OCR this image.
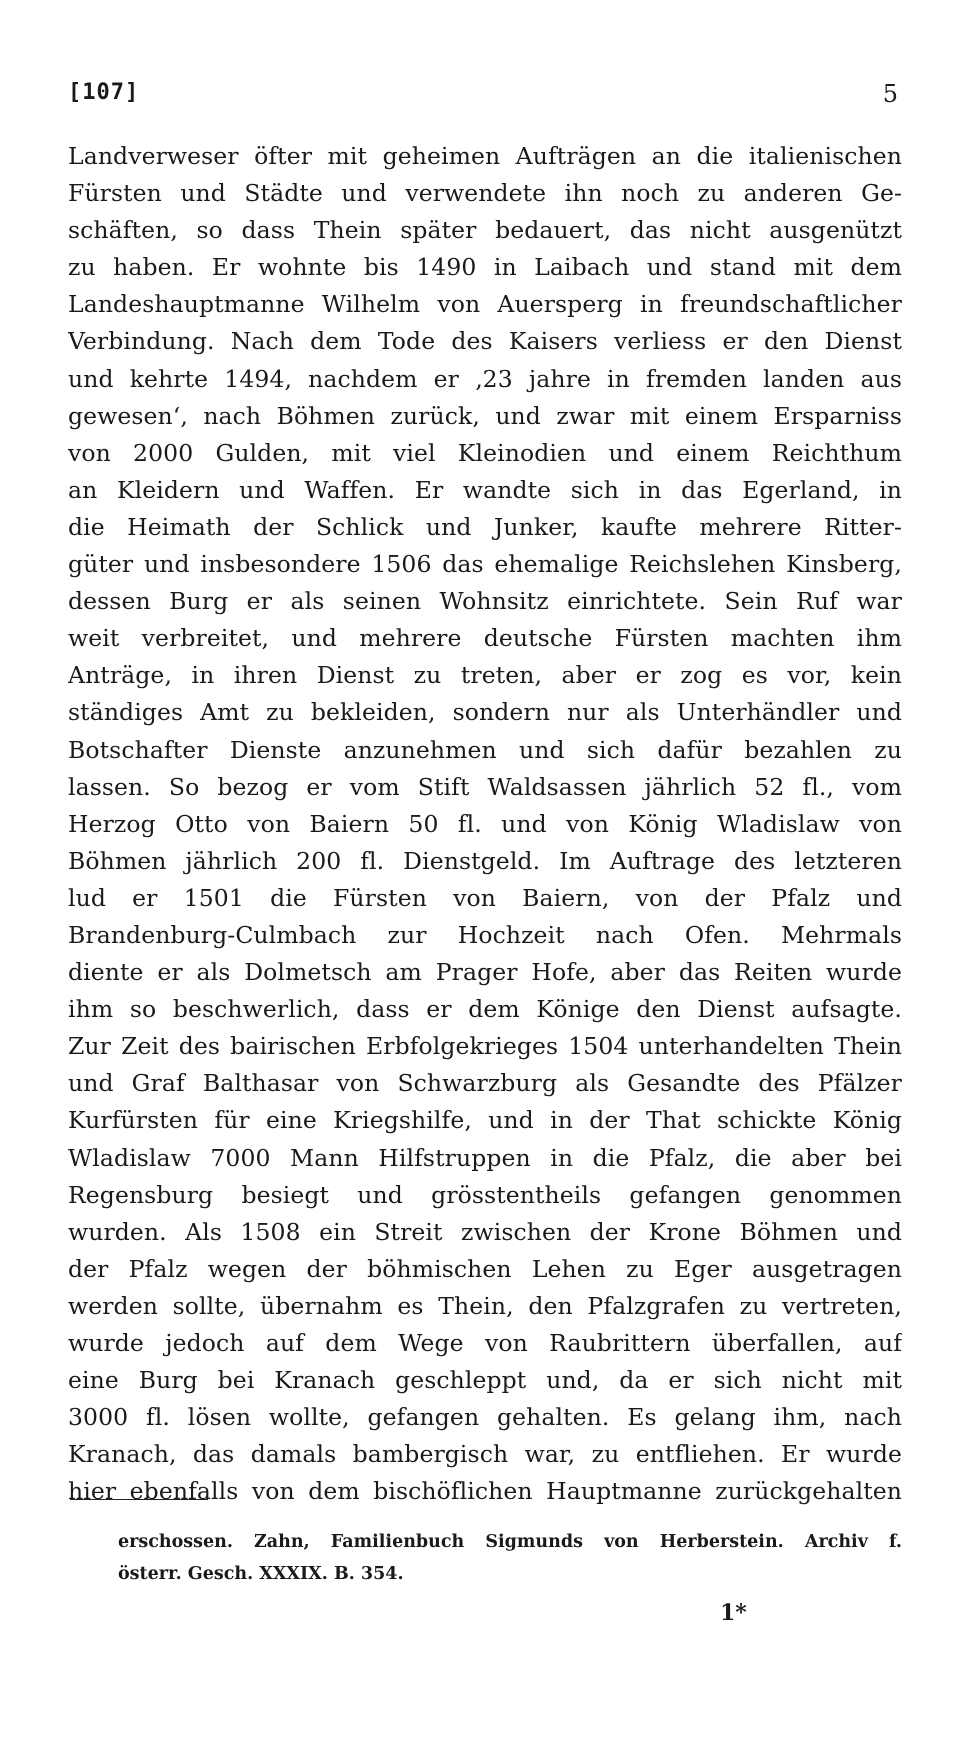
[107]	5
Landverweser öfter mit geheimen Aufträgen an die italienischen
Fürsten und Städte und verwendete ihn noch zu anderen Ge-
schäften, so dass Thein später bedauert, das nicht ausgenützt
zu haben. Er wohnte bis 1490 in Laibach und stand mit dem
Landeshauptmanne Wilhelm von Auersperg in freundschaftlicher
Verbindung. Nach dem Tode des Kaisers verliess er den Dienst
und kehrte 1494, nachdem er ‚23 jahre in fremden landen aus
gewesen‘, nach Böhmen zurück, und zwar mit einem Ersparniss
von 2000 Gulden, mit viel Kleinodien und einem Reichthum
an Kleidern und Waffen. Er wandte sich in das Egerland, in
die Heimath der Schlick und Junker, kaufte mehrere Ritter-
güter und insbesondere 1506 das ehemalige Reichslehen Kinsberg,
dessen Burg er als seinen Wohnsitz einrichtete. Sein Ruf war
weit verbreitet, und mehrere deutsche Fürsten machten ihm
Anträge, in ihren Dienst zu treten, aber er zog es vor, kein
ständiges Amt zu bekleiden, sondern nur als Unterhändler und
Botschafter Dienste anzunehmen und sich dafür bezahlen zu
lassen. So bezog er vom Stift Waldsassen jährlich 52 fl., vom
Herzog Otto von Baiern 50 fl. und von König Wladislaw von
Böhmen jährlich 200 fl. Dienstgeld. Im Auftrage des letzteren
lud er 1501 die Fürsten von Baiern, von der Pfalz und
Brandenburg-Culmbach zur Hochzeit nach Ofen. Mehrmals
diente er als Dolmetsch am Prager Hofe, aber das Reiten wurde
ihm so beschwerlich, dass er dem Könige den Dienst aufsagte.
Zur Zeit des bairischen Erbfolgekrieges 1504 unterhandelten Thein
und Graf Balthasar von Schwarzburg als Gesandte des Pfälzer
Kurfürsten für eine Kriegshilfe, und in der That schickte König
Wladislaw 7000 Mann Hilfstruppen in die Pfalz, die aber bei
Regensburg besiegt und grösstentheils gefangen genommen
wurden. Als 1508 ein Streit zwischen der Krone Böhmen und
der Pfalz wegen der böhmischen Lehen zu Eger ausgetragen
werden sollte, übernahm es Thein, den Pfalzgrafen zu vertreten,
wurde jedoch auf dem Wege von Raubrittern überfallen, auf
eine Burg bei Kranach geschleppt und, da er sich nicht mit
3000 fl. lösen wollte, gefangen gehalten. Es gelang ihm, nach
Kranach, das damals bambergisch war, zu entfliehen. Er wurde
hier ebenfalls von dem bischöflichen Hauptmanne zurückgehalten
erschossen. Zahn, Familienbuch Sigmunds von Herberstein. Archiv f.
österr. Gesch. XXXIX. B. 354.
1*
